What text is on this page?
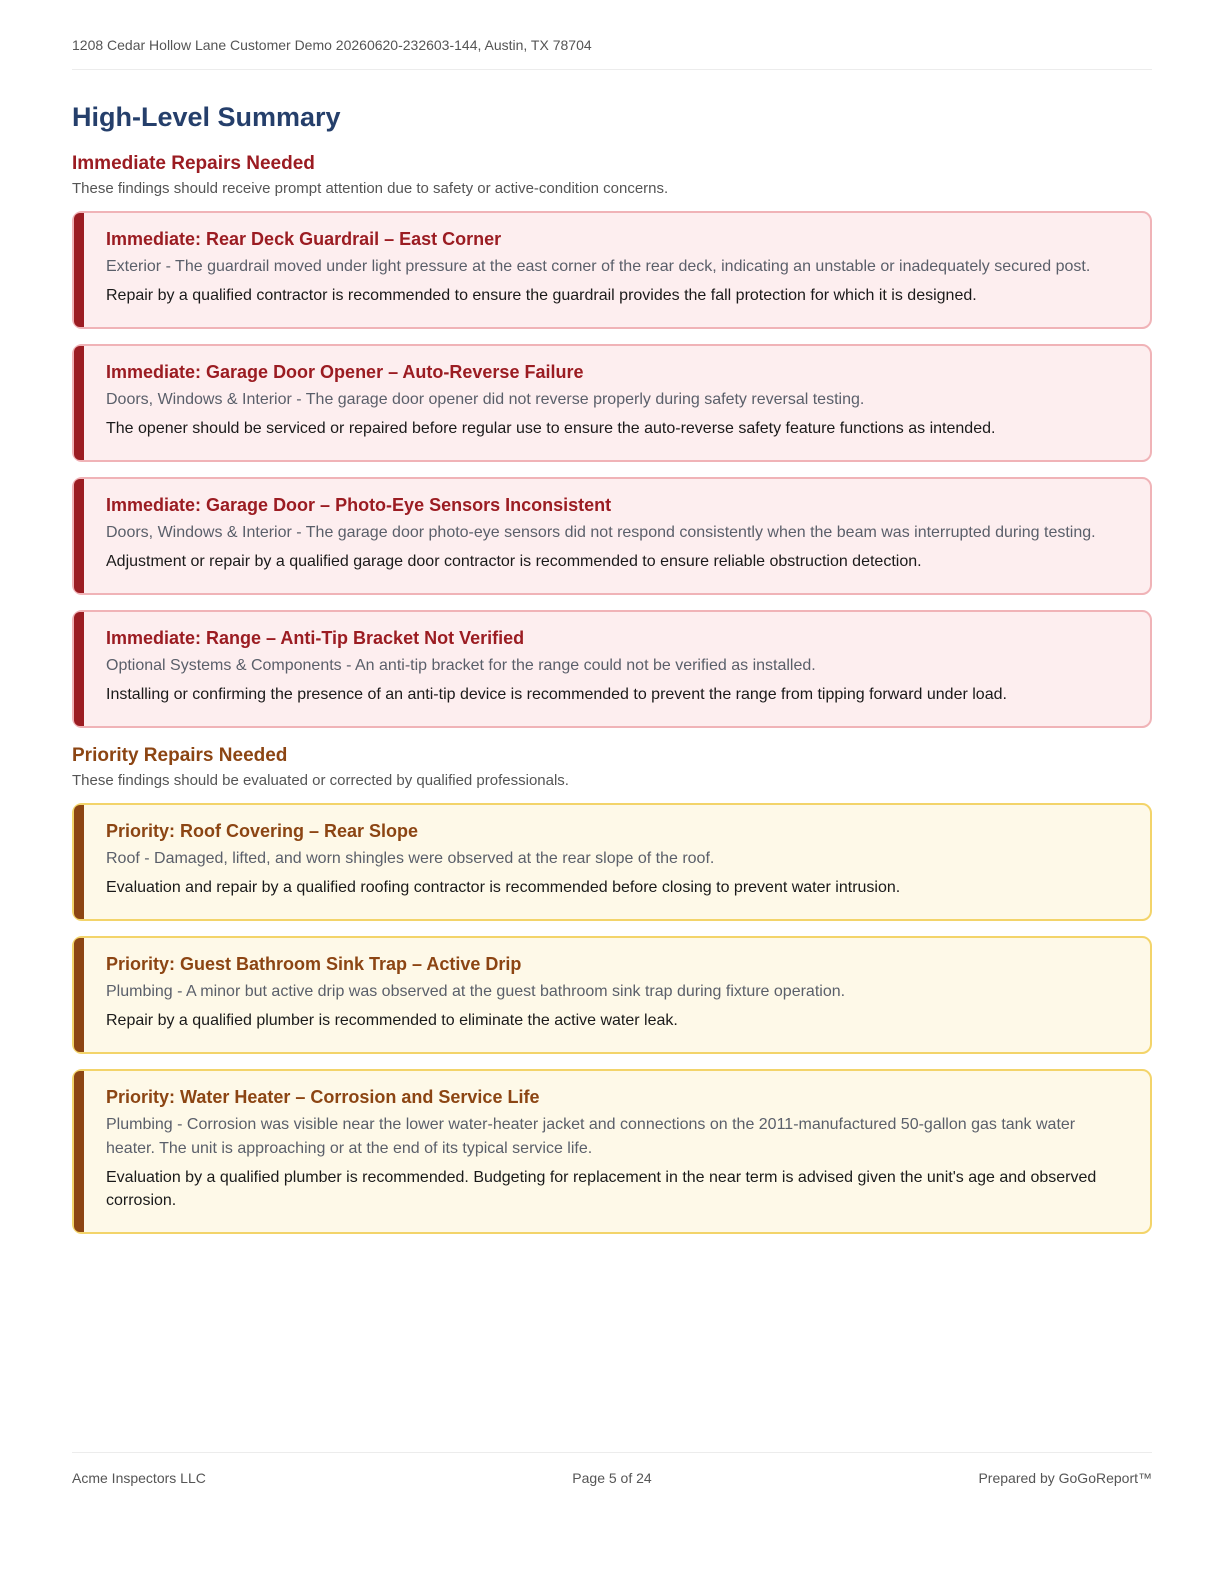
1208 Cedar Hollow Lane Customer Demo 20260620-232603-144, Austin, TX 78704
High-Level Summary
Immediate Repairs Needed

These findings should receive prompt attention due to safety or active-condition concerns.

Immediate: Rear Deck Guardrail – East Corner
Exterior - The guardrail moved under light pressure at the east corner of the rear deck, indicating an unstable or inadequately secured post.
Repair by a qualified contractor is recommended to ensure the guardrail provides the fall protection for which it is designed.
Immediate: Garage Door Opener – Auto-Reverse Failure
Doors, Windows & Interior - The garage door opener did not reverse properly during safety reversal testing.
The opener should be serviced or repaired before regular use to ensure the auto-reverse safety feature functions as intended.
Immediate: Garage Door – Photo-Eye Sensors Inconsistent
Doors, Windows & Interior - The garage door photo-eye sensors did not respond consistently when the beam was interrupted during testing.
Adjustment or repair by a qualified garage door contractor is recommended to ensure reliable obstruction detection.
Immediate: Range – Anti-Tip Bracket Not Verified
Optional Systems & Components - An anti-tip bracket for the range could not be verified as installed.
Installing or confirming the presence of an anti-tip device is recommended to prevent the range from tipping forward under load.
Priority Repairs Needed

These findings should be evaluated or corrected by qualified professionals.

Priority: Roof Covering – Rear Slope
Roof - Damaged, lifted, and worn shingles were observed at the rear slope of the roof.
Evaluation and repair by a qualified roofing contractor is recommended before closing to prevent water intrusion.
Priority: Guest Bathroom Sink Trap – Active Drip
Plumbing - A minor but active drip was observed at the guest bathroom sink trap during fixture operation.
Repair by a qualified plumber is recommended to eliminate the active water leak.
Priority: Water Heater – Corrosion and Service Life
Plumbing - Corrosion was visible near the lower water-heater jacket and connections on the 2011-manufactured 50-gallon gas tank water heater. The unit is approaching or at the end of its typical service life.
Evaluation by a qualified plumber is recommended. Budgeting for replacement in the near term is advised given the unit's age and observed corrosion.
Acme Inspectors LLC	Page 5 of 24	Prepared by GoGoReport™
